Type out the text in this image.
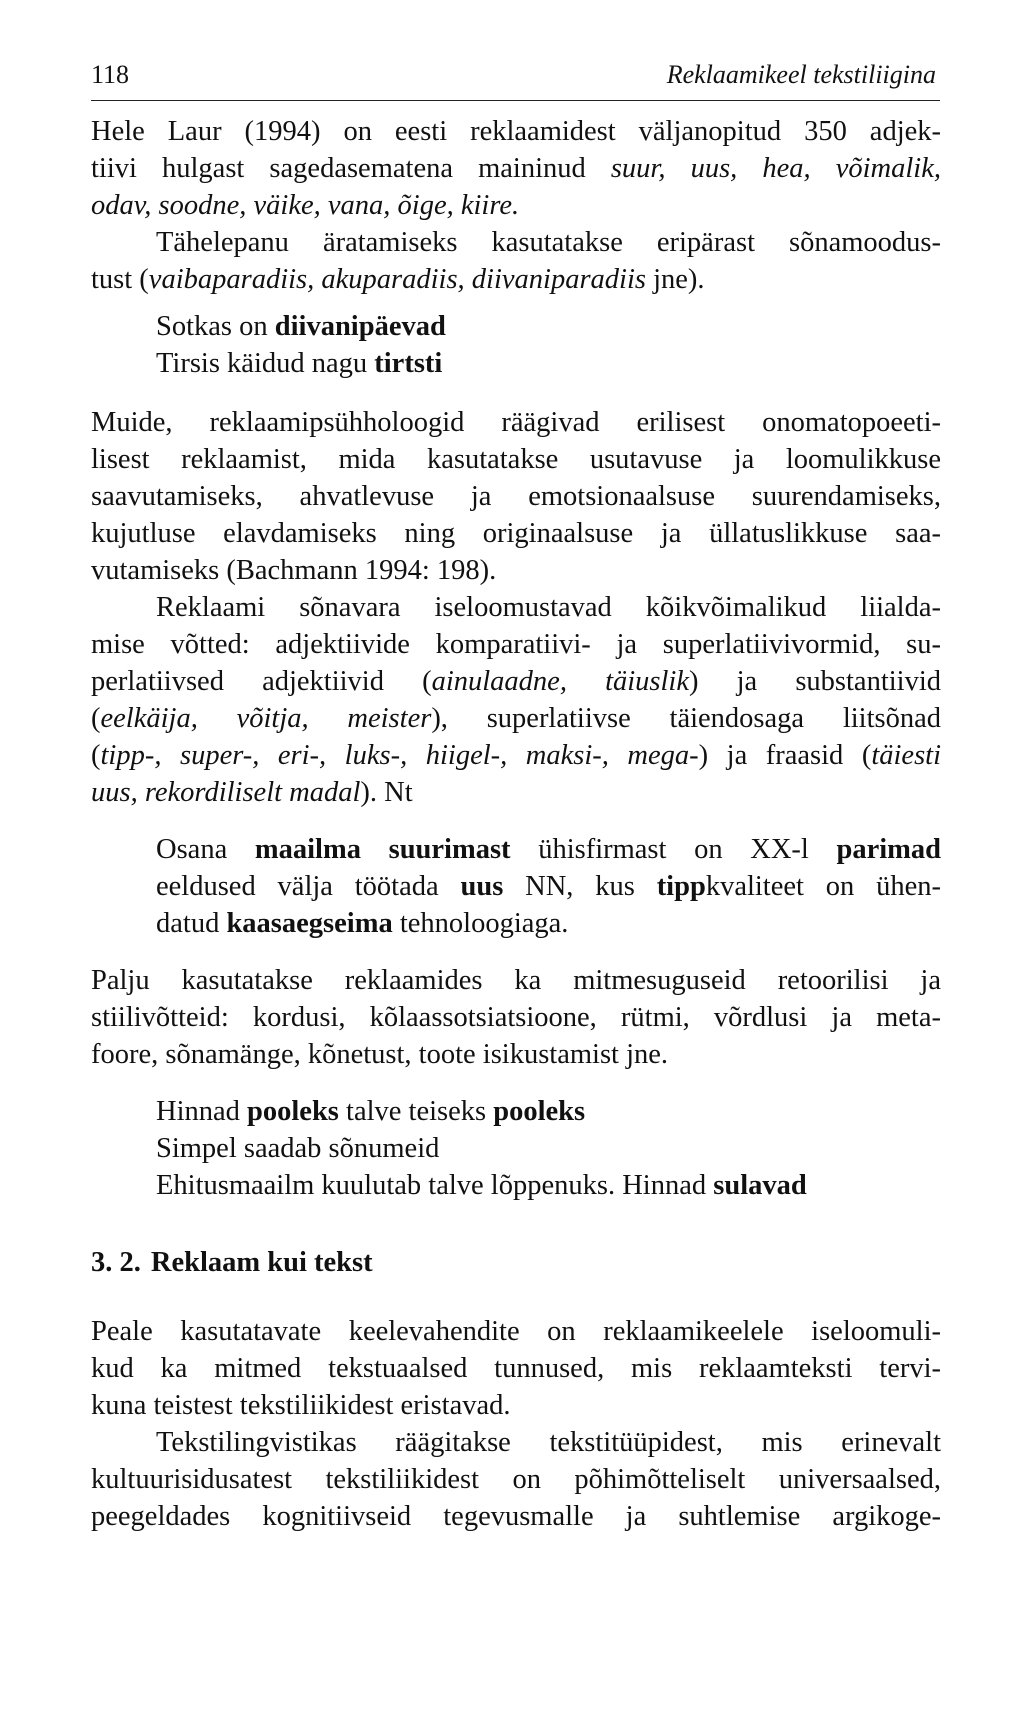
118	Reklaamikeel tekstiliigina
Hele Laur (1994) on eesti reklaamidest väljanopitud 350 adjek-
tiivi hulgast sagedasematena maininud suur, uus, hea, võimalik,
odav, soodne, väike, vana, õige, kiire.
Tähelepanu äratamiseks kasutatakse eripärast sõnamoodus-
tust (vaibaparadiis, akuparadiis, diivaniparadiis jne).
Sotkas on diivanipäevad
Tirsis käidud nagu tirtsti
Muide, reklaamipsühholoogid räägivad erilisest onomatopoeeti-
lisest reklaamist, mida kasutatakse usutavuse ja loomulikkuse
saavutamiseks, ahvatlevuse ja emotsionaalsuse suurendamiseks,
kujutluse elavdamiseks ning originaalsuse ja üllatuslikkuse saa-
vutamiseks (Bachmann 1994: 198).
Reklaami sõnavara iseloomustavad kõikvõimalikud liialda-
mise võtted: adjektiivide komparatiivi- ja superlatiivivormid, su-
perlatiivsed adjektiivid (ainulaadne, täiuslik) ja substantiivid
(eelkäija, võitja, meister), superlatiivse täiendosaga liitsõnad
(tipp-, super-, eri-, luks-, hiigel-, maksi-, mega-) ja fraasid (täiesti
uus, rekordiliselt madal). Nt
Osana maailma suurimast ühisfirmast on XX-l parimad
eeldused välja töötada uus NN, kus tippkvaliteet on ühen-
datud kaasaegseima tehnoloogiaga.
Palju kasutatakse reklaamides ka mitmesuguseid retoorilisi ja
stiilivõtteid: kordusi, kõlaassotsiatsioone, rütmi, võrdlusi ja meta-
foore, sõnamänge, kõnetust, toote isikustamist jne.
Hinnad pooleks talve teiseks pooleks
Simpel saadab sõnumeid
Ehitusmaailm kuulutab talve lõppenuks. Hinnad sulavad
3. 2. Reklaam kui tekst
Peale kasutatavate keelevahendite on reklaamikeelele iseloomuli-
kud ka mitmed tekstuaalsed tunnused, mis reklaamteksti tervi-
kuna teistest tekstiliikidest eristavad.
Tekstilingvistikas räägitakse tekstitüüpidest, mis erinevalt
kultuurisidusatest tekstiliikidest on põhimõtteliselt universaalsed,
peegeldades kognitiivseid tegevusmalle ja suhtlemise argikoge-
